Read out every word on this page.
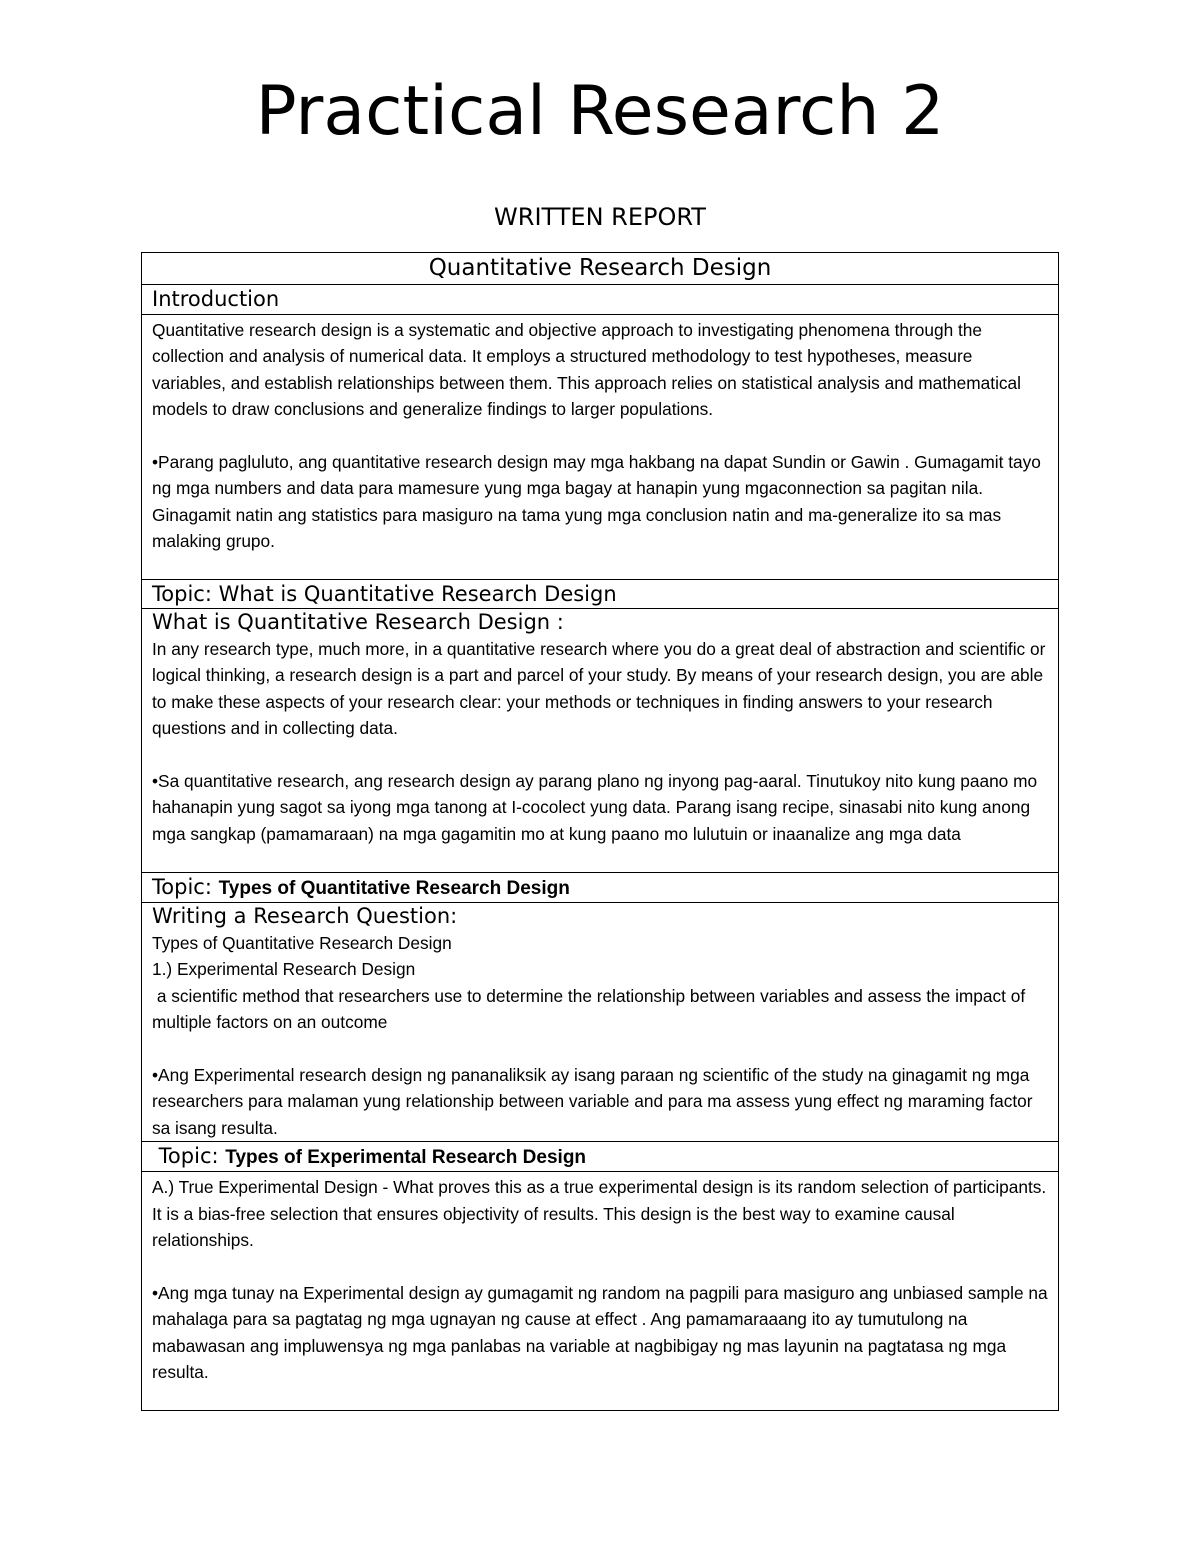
Practical Research 2
WRITTEN REPORT
Quantitative Research Design
Introduction

Quantitative research design is a systematic and objective approach to investigating phenomena through the collection and analysis of numerical data. It employs a structured methodology to test hypotheses, measure variables, and establish relationships between them. This approach relies on statistical analysis and mathematical models to draw conclusions and generalize findings to larger populations.

•Parang pagluluto, ang quantitative research design may mga hakbang na dapat Sundin or Gawin . Gumagamit tayo ng mga numbers and data para mamesure yung mga bagay at hanapin yung mgaconnection sa pagitan nila. Ginagamit natin ang statistics para masiguro na tama yung mga conclusion natin and ma-generalize ito sa mas malaking grupo.

Topic: What is Quantitative Research Design

What is Quantitative Research Design :

In any research type, much more, in a quantitative research where you do a great deal of abstraction and scientific or logical thinking, a research design is a part and parcel of your study. By means of your research design, you are able to make these aspects of your research clear: your methods or techniques in finding answers to your research questions and in collecting data.

•Sa quantitative research, ang research design ay parang plano ng inyong pag-aaral. Tinutukoy nito kung paano mo hahanapin yung sagot sa iyong mga tanong at I-cocolect yung data. Parang isang recipe, sinasabi nito kung anong mga sangkap (pamamaraan) na mga gagamitin mo at kung paano mo lulutuin or inaanalize ang mga data

Topic: Types of Quantitative Research Design

Writing a Research Question:

Types of Quantitative Research Design

1.) Experimental Research Design

a scientific method that researchers use to determine the relationship between variables and assess the impact of multiple factors on an outcome

•Ang Experimental research design ng pananaliksik ay isang paraan ng scientific of the study na ginagamit ng mga researchers para malaman yung relationship between variable and para ma assess yung effect ng maraming factor sa isang resulta.

Topic: Types of Experimental Research Design

A.) True Experimental Design - What proves this as a true experimental design is its random selection of participants. It is a bias-free selection that ensures objectivity of results. This design is the best way to examine causal relationships.

•Ang mga tunay na Experimental design ay gumagamit ng random na pagpili para masiguro ang unbiased sample na mahalaga para sa pagtatag ng mga ugnayan ng cause at effect . Ang pamamaraaang ito ay tumutulong na mabawasan ang impluwensya ng mga panlabas na variable at nagbibigay ng mas layunin na pagtatasa ng mga resulta.
